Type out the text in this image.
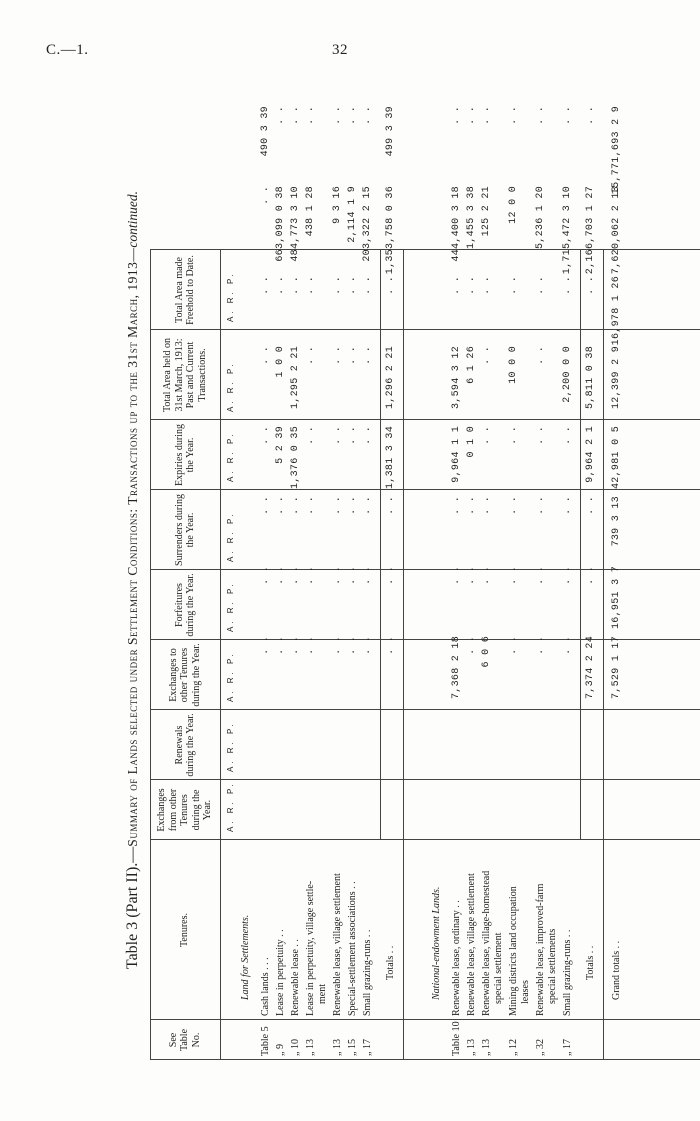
C.—1.	32
Table 3 (Part II).—Summary of Lands selected under Settlement Conditions: Transactions up to the 31st March, 1913—continued.
See Table No.
Tenures.
Exchanges from other Tenures during the Year.
Renewals during the Year.
Exchanges to other Tenures during the Year.
Forfeitures during the Year.
Surrenders during the Year.
Expiries during the Year.
Total Area held on 31st March, 1913: Past and Current Transactions.
Total Area made Freehold to Date.
A. R. P.
A. R. P.
A. R. P.
A. R. P.
A. R. P.
A. R. P.
A. R. P.
A. R. P.
Land for Settlements.
Table 5
Cash lands . . .
. .
. .
. .
. .
. .
. .
. .
490 3 39
„ 9
Lease in perpetuity . .
. .
. .
. .
5 2 39
1 0 0
. .
663,099 0 38
. .
„ 10
Renewable lease . .
. .
. .
. .
1,376 0 35
1,295 2 21
. .
484,773 3 10
. .
„ 13
Lease in perpetuity, village settle-
. .
. .
. .
. .
. .
. .
438 1 28
. .
ment
„ 13
Renewable lease, village settlement
. .
. .
. .
. .
. .
. .
9 3 16
. .
„ 15
Special-settlement associations . .
. .
. .
. .
. .
. .
. .
2,114 1 9
. .
„ 17
Small grazing-runs . .
. .
. .
. .
. .
. .
. .
203,322 2 15
. .
Totals . .
. .
. .
. .
1,381 3 34
1,296 2 21
. .
1,353,758 0 36
499 3 39
National-endowment Lands.
Table 10
Renewable lease, ordinary . .
7,368 2 18
. .
. .
9,964 1 1
3,594 3 12
. .
444,400 3 18
. .
„ 13
Renewable lease, village settlement
. .
. .
. .
0 1 0
6 1 26
. .
1,455 3 38
. .
„ 13
Renewable lease, village-homestead
6 0 6
. .
. .
. .
. .
. .
125 2 21
. .
special settlement
„ 12
Mining districts land occupation
. .
. .
. .
. .
10 0 0
. .
12 0 0
. .
leases
„ 32
Renewable lease, improved-farm
. .
. .
. .
. .
. .
. .
5,236 1 20
. .
special settlements
„ 17
Small grazing-runs . .
. .
. .
. .
. .
2,200 0 0
. .
1,715,472 3 10
. .
Totals . .
7,374 2 24
. .
. .
9,964 2 1
5,811 0 38
. .
2,166,703 1 27
. .
Grand totals . .
7,529 1 17
16,951 3 7
739 3 13
42,981 0 5
12,399 2 9
16,978 1 26
7,620,062 2 13
15,771,693 2 9
